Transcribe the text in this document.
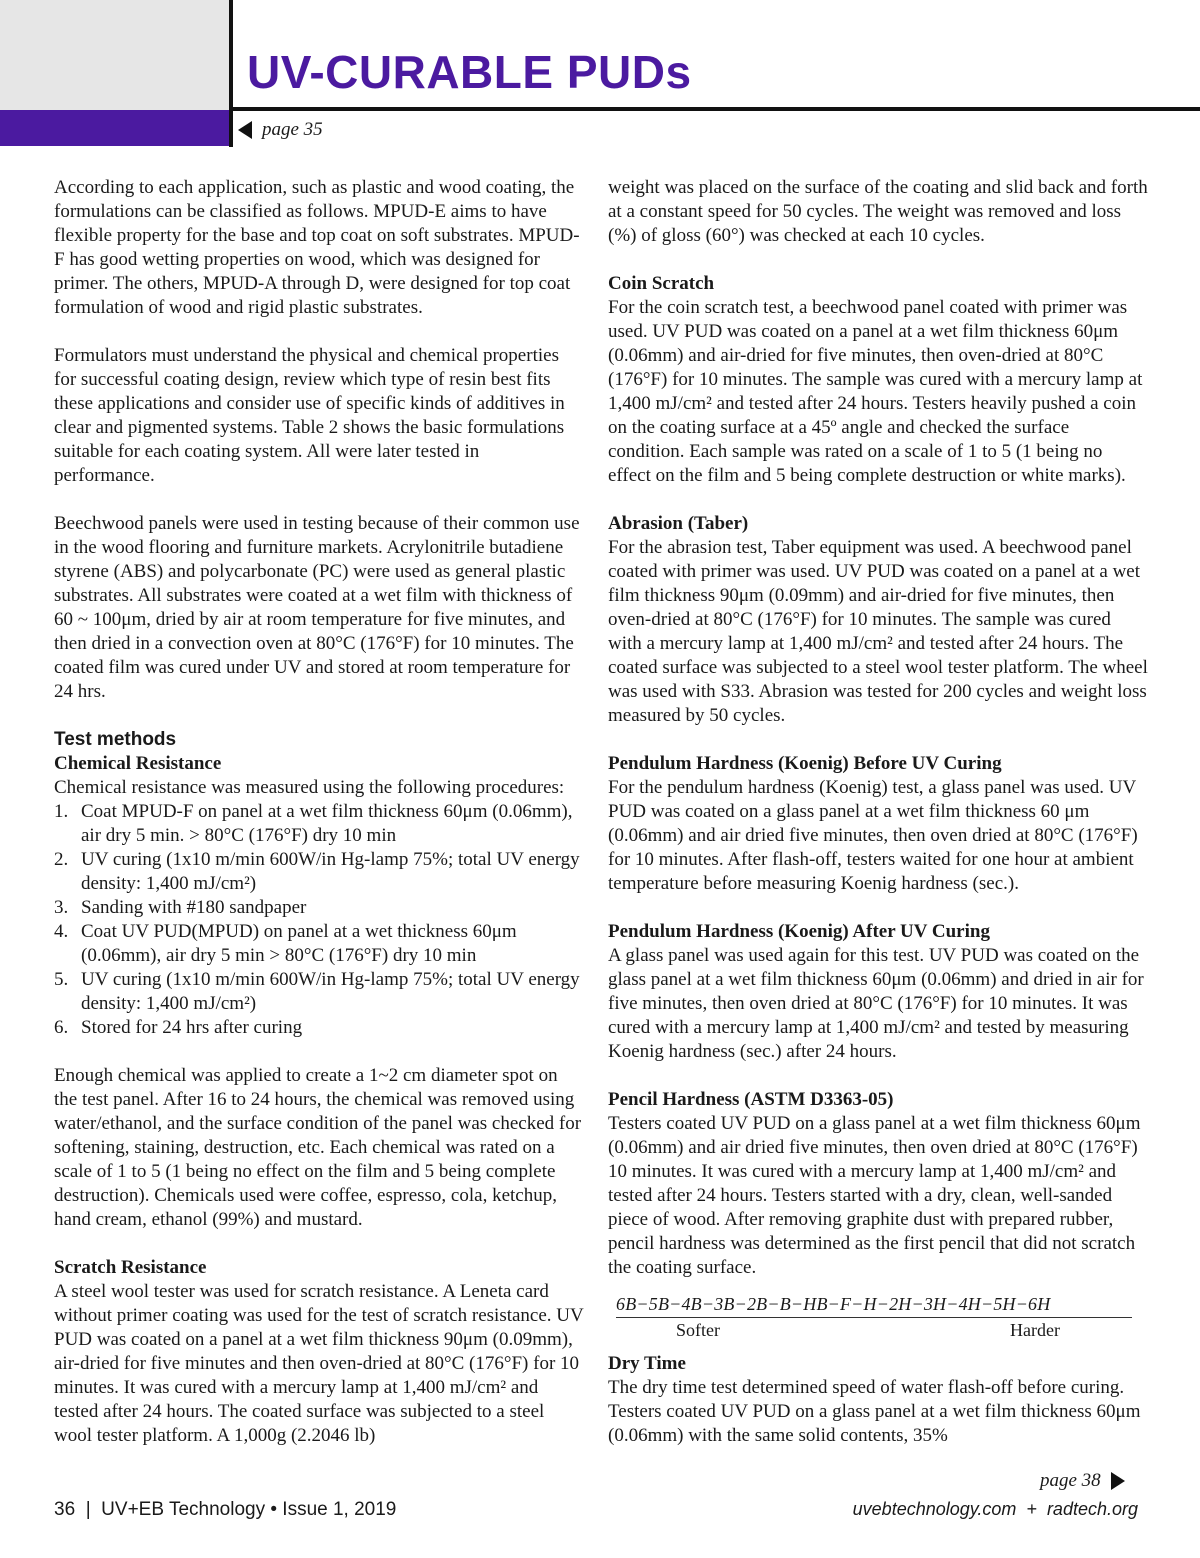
UV-CURABLE PUDs
page 35

According to each application, such as plastic and wood coating, the formulations can be classified as follows. MPUD-E aims to have flexible property for the base and top coat on soft substrates. MPUD-F has good wetting properties on wood, which was designed for primer. The others, MPUD-A through D, were designed for top coat formulation of wood and rigid plastic substrates.

Formulators must understand the physical and chemical properties for successful coating design, review which type of resin best fits these applications and consider use of specific kinds of additives in clear and pigmented systems. Table 2 shows the basic formulations suitable for each coating system. All were later tested in performance.

Beechwood panels were used in testing because of their common use in the wood flooring and furniture markets. Acrylonitrile butadiene styrene (ABS) and polycarbonate (PC) were used as general plastic substrates. All substrates were coated at a wet film with thickness of 60 ~ 100μm, dried by air at room temperature for five minutes, and then dried in a convection oven at 80°C (176°F) for 10 minutes. The coated film was cured under UV and stored at room temperature for 24 hrs.

Test methods
Chemical Resistance

Chemical resistance was measured using the following procedures:

1. Coat MPUD-F on panel at a wet film thickness 60μm (0.06mm), air dry 5 min. > 80°C (176°F) dry 10 min
2. UV curing (1x10 m/min 600W/in Hg-lamp 75%; total UV energy density: 1,400 mJ/cm²)
3. Sanding with #180 sandpaper
4. Coat UV PUD(MPUD) on panel at a wet thickness 60μm (0.06mm), air dry 5 min > 80°C (176°F) dry 10 min
5. UV curing (1x10 m/min 600W/in Hg-lamp 75%; total UV energy density: 1,400 mJ/cm²)
6. Stored for 24 hrs after curing

Enough chemical was applied to create a 1~2 cm diameter spot on the test panel. After 16 to 24 hours, the chemical was removed using water/ethanol, and the surface condition of the panel was checked for softening, staining, destruction, etc. Each chemical was rated on a scale of 1 to 5 (1 being no effect on the film and 5 being complete destruction). Chemicals used were coffee, espresso, cola, ketchup, hand cream, ethanol (99%) and mustard.

Scratch Resistance

A steel wool tester was used for scratch resistance. A Leneta card without primer coating was used for the test of scratch resistance. UV PUD was coated on a panel at a wet film thickness 90μm (0.09mm), air-dried for five minutes and then oven-dried at 80°C (176°F) for 10 minutes. It was cured with a mercury lamp at 1,400 mJ/cm² and tested after 24 hours. The coated surface was subjected to a steel wool tester platform. A 1,000g (2.2046 lb)

weight was placed on the surface of the coating and slid back and forth at a constant speed for 50 cycles. The weight was removed and loss (%) of gloss (60°) was checked at each 10 cycles.

Coin Scratch

For the coin scratch test, a beechwood panel coated with primer was used. UV PUD was coated on a panel at a wet film thickness 60μm (0.06mm) and air-dried for five minutes, then oven-dried at 80°C (176°F) for 10 minutes. The sample was cured with a mercury lamp at 1,400 mJ/cm² and tested after 24 hours. Testers heavily pushed a coin on the coating surface at a 45º angle and checked the surface condition. Each sample was rated on a scale of 1 to 5 (1 being no effect on the film and 5 being complete destruction or white marks).

Abrasion (Taber)

For the abrasion test, Taber equipment was used. A beechwood panel coated with primer was used. UV PUD was coated on a panel at a wet film thickness 90μm (0.09mm) and air-dried for five minutes, then oven-dried at 80°C (176°F) for 10 minutes. The sample was cured with a mercury lamp at 1,400 mJ/cm² and tested after 24 hours. The coated surface was subjected to a steel wool tester platform. The wheel was used with S33. Abrasion was tested for 200 cycles and weight loss measured by 50 cycles.

Pendulum Hardness (Koenig) Before UV Curing

For the pendulum hardness (Koenig) test, a glass panel was used. UV PUD was coated on a glass panel at a wet film thickness 60 μm (0.06mm) and air dried five minutes, then oven dried at 80°C (176°F) for 10 minutes. After flash-off, testers waited for one hour at ambient temperature before measuring Koenig hardness (sec.).

Pendulum Hardness (Koenig) After UV Curing

A glass panel was used again for this test. UV PUD was coated on the glass panel at a wet film thickness 60μm (0.06mm) and dried in air for five minutes, then oven dried at 80°C (176°F) for 10 minutes. It was cured with a mercury lamp at 1,400 mJ/cm² and tested by measuring Koenig hardness (sec.) after 24 hours.

Pencil Hardness (ASTM D3363-05)

Testers coated UV PUD on a glass panel at a wet film thickness 60μm (0.06mm) and air dried five minutes, then oven dried at 80°C (176°F) 10 minutes. It was cured with a mercury lamp at 1,400 mJ/cm² and tested after 24 hours. Testers started with a dry, clean, well-sanded piece of wood. After removing graphite dust with prepared rubber, pencil hardness was determined as the first pencil that did not scratch the coating surface.

6B−5B−4B−3B−2B−B−HB−F−H−2H−3H−4H−5H−6H
Softer	Harder
Dry Time

The dry time test determined speed of water flash-off before curing. Testers coated UV PUD on a glass panel at a wet film thickness 60μm (0.06mm) with the same solid contents, 35%

page 38
36  |  UV+EB Technology • Issue 1, 2019	uvebtechnology.com  +  radtech.org
